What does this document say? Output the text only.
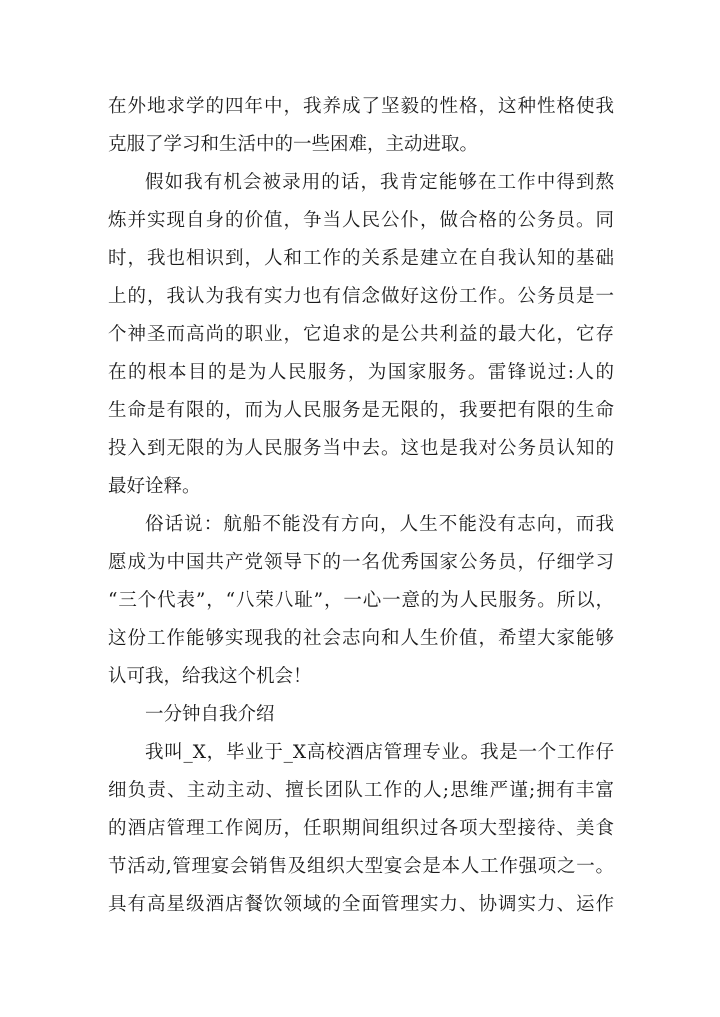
在外地求学的四年中，我养成了坚毅的性格，这种性格使我
克服了学习和生活中的一些困难，主动进取。
假如我有机会被录用的话，我肯定能够在工作中得到熬
炼并实现自身的价值，争当人民公仆，做合格的公务员。同
时，我也相识到，人和工作的关系是建立在自我认知的基础
上的，我认为我有实力也有信念做好这份工作。公务员是一
个神圣而高尚的职业，它追求的是公共利益的最大化，它存
在的根本目的是为人民服务，为国家服务。雷锋说过:人的
生命是有限的，而为人民服务是无限的，我要把有限的生命
投入到无限的为人民服务当中去。这也是我对公务员认知的
最好诠释。
俗话说：航船不能没有方向，人生不能没有志向，而我
愿成为中国共产党领导下的一名优秀国家公务员，仔细学习
“三个代表”，“八荣八耻”，一心一意的为人民服务。所以，
这份工作能够实现我的社会志向和人生价值，希望大家能够
认可我，给我这个机会！
一分钟自我介绍
我叫_X，毕业于_X高校酒店管理专业。我是一个工作仔
细负责、主动主动、擅长团队工作的人;思维严谨;拥有丰富
的酒店管理工作阅历，任职期间组织过各项大型接待、美食
节活动,管理宴会销售及组织大型宴会是本人工作强项之一。
具有高星级酒店餐饮领域的全面管理实力、协调实力、运作
